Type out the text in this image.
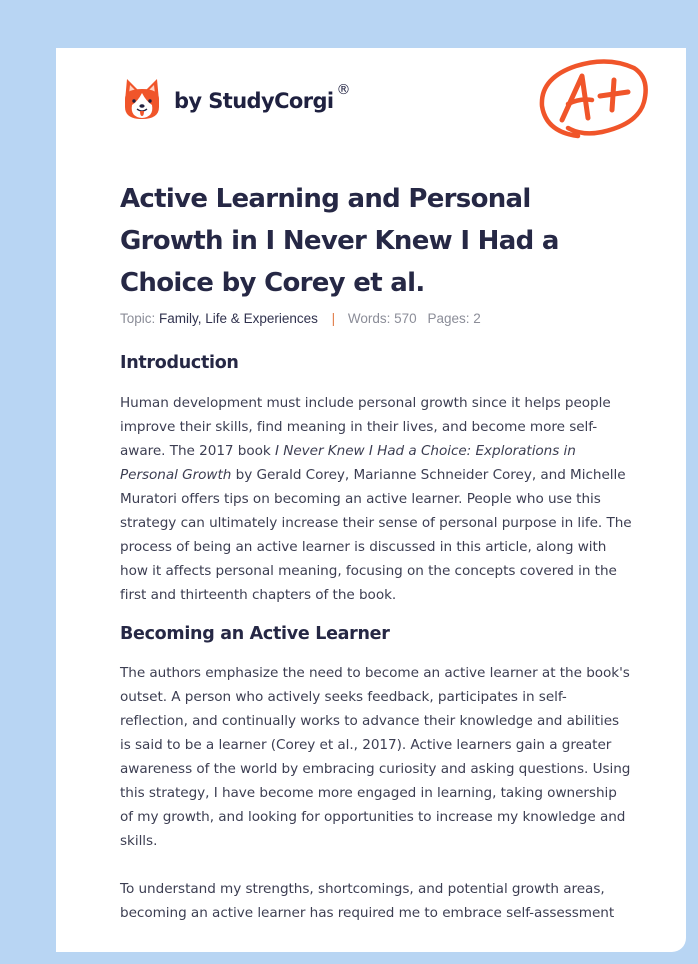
by StudyCorgi ®
Active Learning and Personal Growth in I Never Knew I Had a Choice by Corey et al.
Topic: Family, Life & Experiences | Words: 570 Pages: 2
Introduction

Human development must include personal growth since it helps people improve their skills, find meaning in their lives, and become more self-aware. The 2017 book I Never Knew I Had a Choice: Explorations in Personal Growth by Gerald Corey, Marianne Schneider Corey, and Michelle Muratori offers tips on becoming an active learner. People who use this strategy can ultimately increase their sense of personal purpose in life. The process of being an active learner is discussed in this article, along with how it affects personal meaning, focusing on the concepts covered in the first and thirteenth chapters of the book.

Becoming an Active Learner

The authors emphasize the need to become an active learner at the book's outset. A person who actively seeks feedback, participates in self-reflection, and continually works to advance their knowledge and abilities is said to be a learner (Corey et al., 2017). Active learners gain a greater awareness of the world by embracing curiosity and asking questions. Using this strategy, I have become more engaged in learning, taking ownership of my growth, and looking for opportunities to increase my knowledge and skills.

To understand my strengths, shortcomings, and potential growth areas, becoming an active learner has required me to embrace self-assessment
